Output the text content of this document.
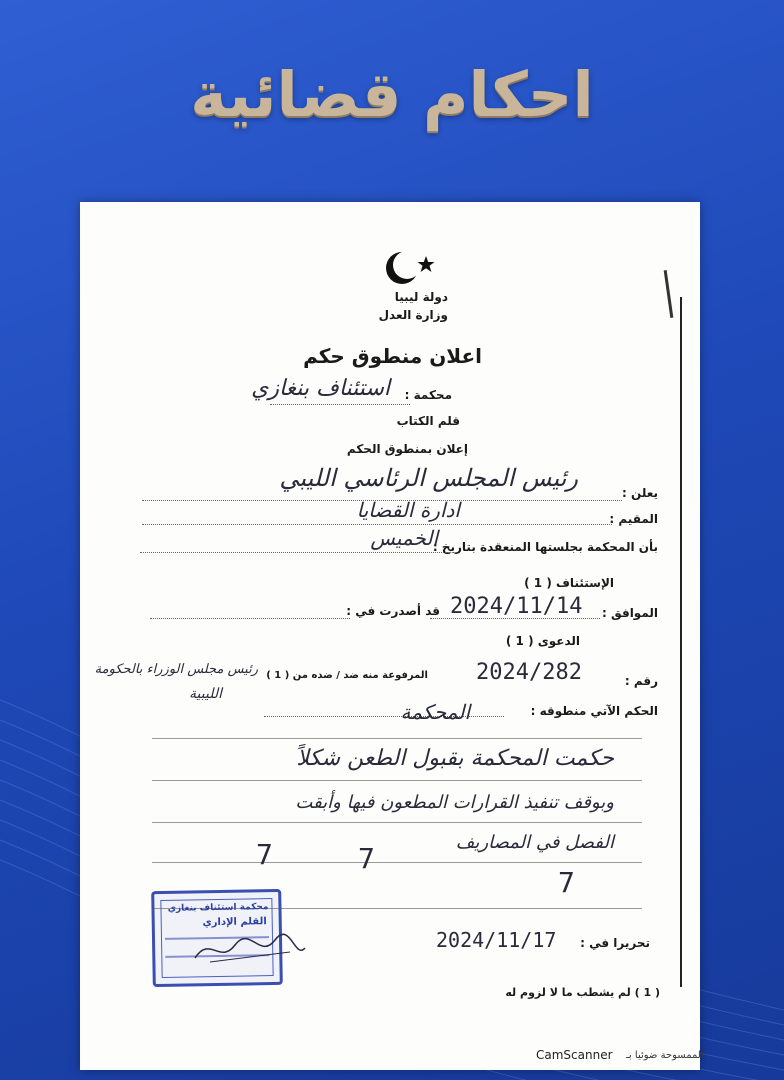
احكام قضائية
دولة ليبيا
وزارة العدل
اعلان منطوق حكم
محكمة :
استئناف بنغازي
قلم الكتاب
إعلان بمنطوق الحكم
يعلن :
رئيس المجلس الرئاسي الليبي
المقيم :
ادارة القضايا
بأن المحكمة بجلستها المنعقدة بتاريخ :
الخميس
الإستئناف ( 1 )
الموافق :
2024/11/14
قد أصدرت في :
الدعوى ( 1 )
رقم :
2024/282
المرفوعة منه ضد / ضده من ( 1 )
رئيس مجلس الوزراء بالحكومة
الليبية
الحكم الآتي منطوقه :
المحكمة
حكمت المحكمة بقبول الطعن شكلاً
وبوقف تنفيذ القرارات المطعون فيها وأبقت
الفصل في المصاريف
7
7
7
محكمة استئناف بنغازي
القلم الإداري
تحريرا في :
2024/11/17
( 1 ) لم يشطب ما لا لزوم له
الممسوحة ضوئيا بـ
CamScanner
